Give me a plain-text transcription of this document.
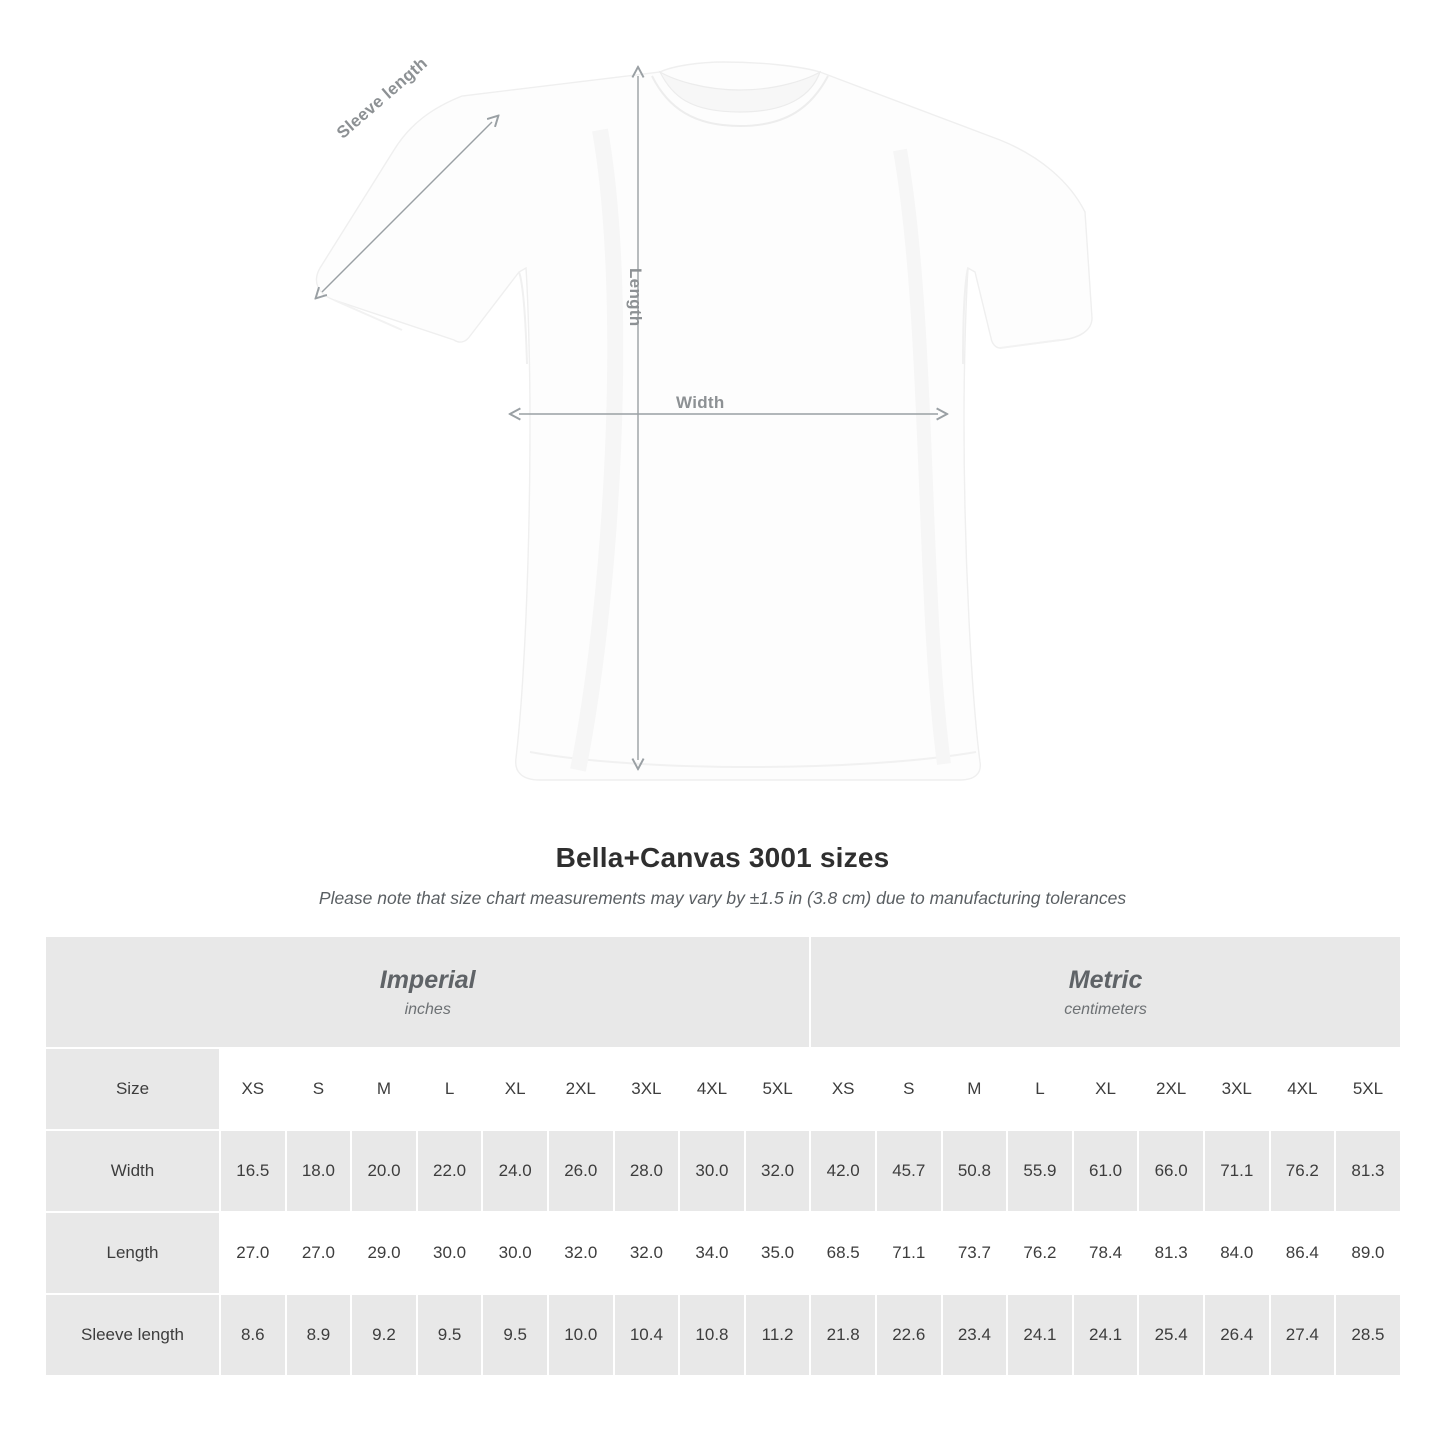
Sleeve length
Length
Width
Bella+Canvas 3001 sizes
Please note that size chart measurements may vary by ±1.5 in (3.8 cm) due to manufacturing tolerances
Imperial
inches

Metric
centimeters

Size	XS	S	M	L	XL	2XL	3XL	4XL	5XL	XS	S	M	L	XL	2XL	3XL	4XL	5XL
Width	16.5	18.0	20.0	22.0	24.0	26.0	28.0	30.0	32.0	42.0	45.7	50.8	55.9	61.0	66.0	71.1	76.2	81.3
Length	27.0	27.0	29.0	30.0	30.0	32.0	32.0	34.0	35.0	68.5	71.1	73.7	76.2	78.4	81.3	84.0	86.4	89.0
Sleeve length	8.6	8.9	9.2	9.5	9.5	10.0	10.4	10.8	11.2	21.8	22.6	23.4	24.1	24.1	25.4	26.4	27.4	28.5
